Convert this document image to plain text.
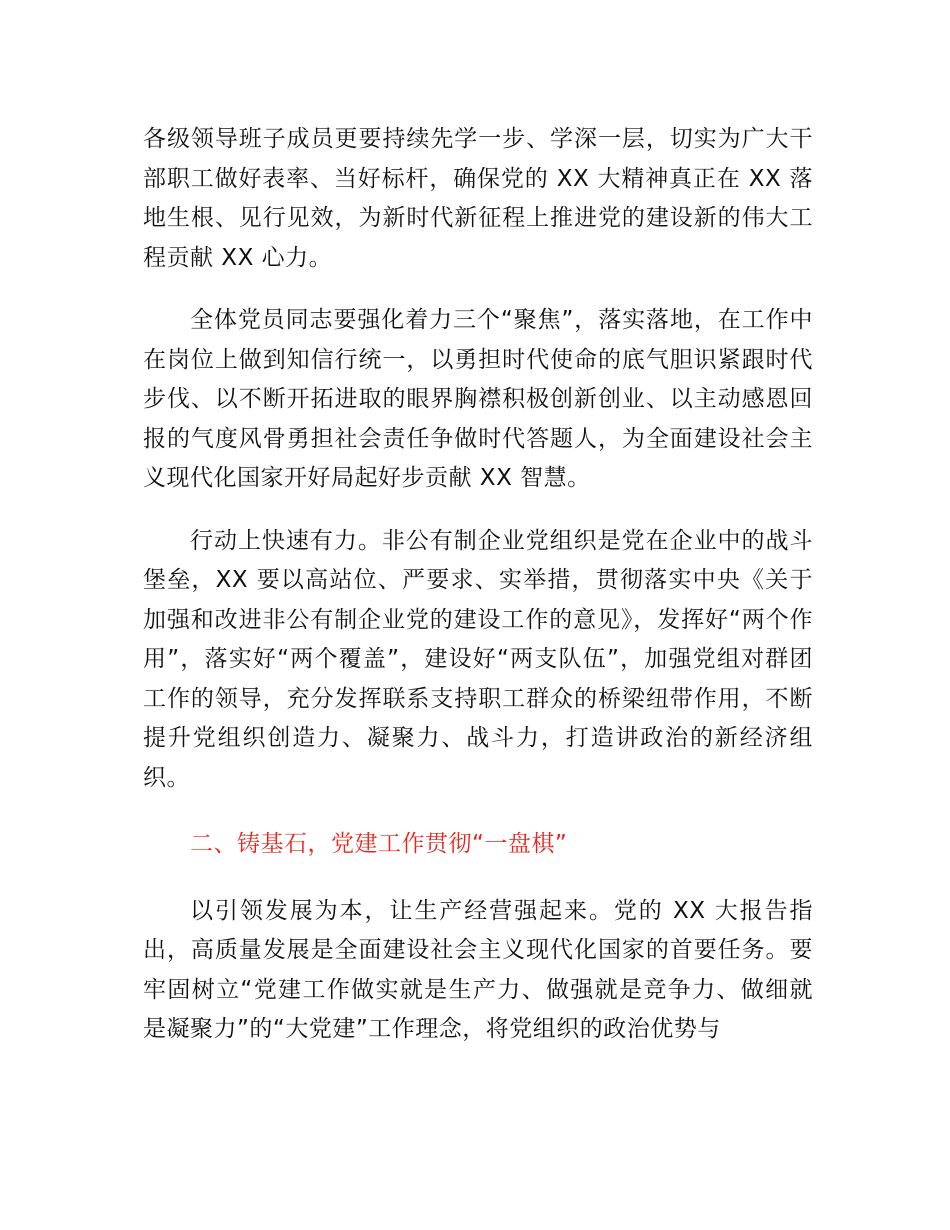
各级领导班子成员更要持续先学一步、学深一层，切实为广大干部职工做好表率、当好标杆，确保党的 XX 大精神真正在 XX 落地生根、见行见效，为新时代新征程上推进党的建设新的伟大工程贡献 XX 心力。

全体党员同志要强化着力三个“聚焦”，落实落地，在工作中在岗位上做到知信行统一，以勇担时代使命的底气胆识紧跟时代步伐、以不断开拓进取的眼界胸襟积极创新创业、以主动感恩回报的气度风骨勇担社会责任争做时代答题人，为全面建设社会主义现代化国家开好局起好步贡献 XX 智慧。

行动上快速有力。非公有制企业党组织是党在企业中的战斗堡垒，XX 要以高站位、严要求、实举措，贯彻落实中央《关于加强和改进非公有制企业党的建设工作的意见》，发挥好“两个作用”，落实好“两个覆盖”，建设好“两支队伍”，加强党组对群团工作的领导，充分发挥联系支持职工群众的桥梁纽带作用，不断提升党组织创造力、凝聚力、战斗力，打造讲政治的新经济组织。

二、铸基石，党建工作贯彻“一盘棋”

以引领发展为本，让生产经营强起来。党的 XX 大报告指出，高质量发展是全面建设社会主义现代化国家的首要任务。要牢固树立“党建工作做实就是生产力、做强就是竞争力、做细就是凝聚力”的“大党建”工作理念，将党组织的政治优势与
